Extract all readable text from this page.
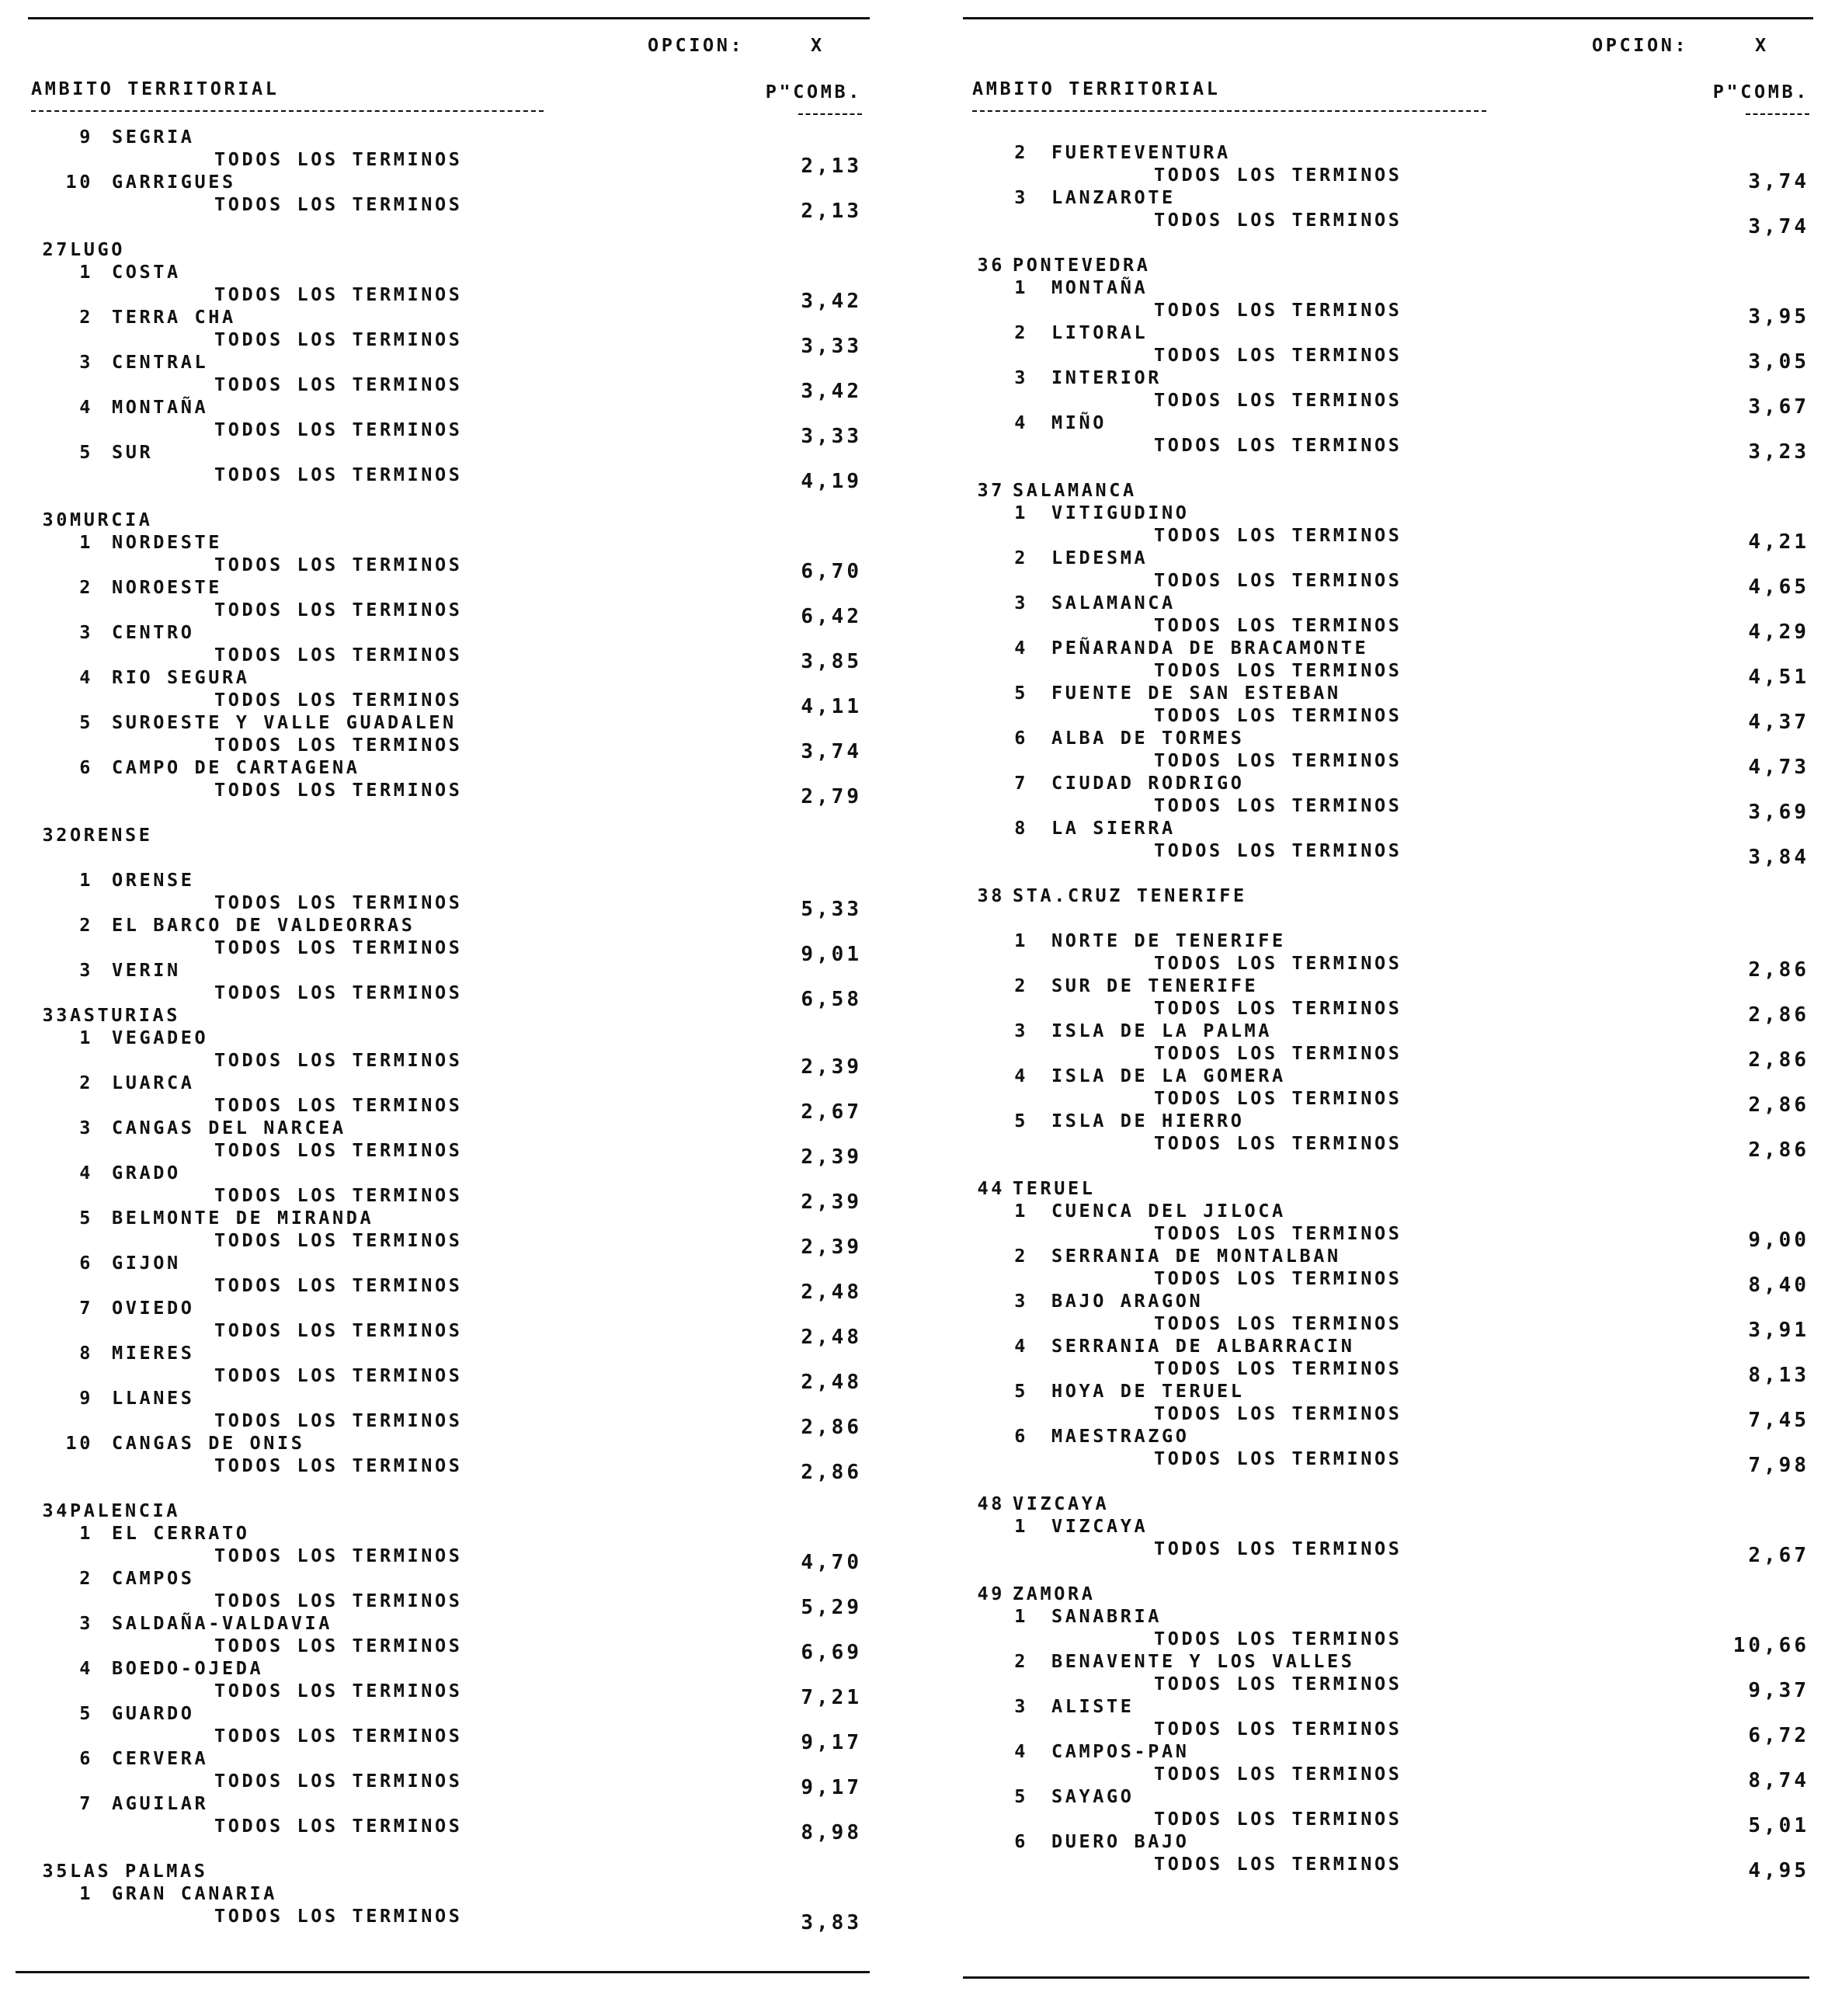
OPCION:	X
AMBITO TERRITORIAL	P"COMB.
9 SEGRIA
TODOS LOS TERMINOS	2,13
10 GARRIGUES
TODOS LOS TERMINOS	2,13
27 LUGO
1 COSTA
TODOS LOS TERMINOS	3,42
2 TERRA CHA
TODOS LOS TERMINOS	3,33
3 CENTRAL
TODOS LOS TERMINOS	3,42
4 MONTAÑA
TODOS LOS TERMINOS	3,33
5 SUR
TODOS LOS TERMINOS	4,19
30 MURCIA
1 NORDESTE
TODOS LOS TERMINOS	6,70
2 NOROESTE
TODOS LOS TERMINOS	6,42
3 CENTRO
TODOS LOS TERMINOS	3,85
4 RIO SEGURA
TODOS LOS TERMINOS	4,11
5 SUROESTE Y VALLE GUADALEN
TODOS LOS TERMINOS	3,74
6 CAMPO DE CARTAGENA
TODOS LOS TERMINOS	2,79
32 ORENSE
1 ORENSE
TODOS LOS TERMINOS	5,33
2 EL BARCO DE VALDEORRAS
TODOS LOS TERMINOS	9,01
3 VERIN
TODOS LOS TERMINOS	6,58
33 ASTURIAS
1 VEGADEO
TODOS LOS TERMINOS	2,39
2 LUARCA
TODOS LOS TERMINOS	2,67
3 CANGAS DEL NARCEA
TODOS LOS TERMINOS	2,39
4 GRADO
TODOS LOS TERMINOS	2,39
5 BELMONTE DE MIRANDA
TODOS LOS TERMINOS	2,39
6 GIJON
TODOS LOS TERMINOS	2,48
7 OVIEDO
TODOS LOS TERMINOS	2,48
8 MIERES
TODOS LOS TERMINOS	2,48
9 LLANES
TODOS LOS TERMINOS	2,86
10 CANGAS DE ONIS
TODOS LOS TERMINOS	2,86
34 PALENCIA
1 EL CERRATO
TODOS LOS TERMINOS	4,70
2 CAMPOS
TODOS LOS TERMINOS	5,29
3 SALDAÑA-VALDAVIA
TODOS LOS TERMINOS	6,69
4 BOEDO-OJEDA
TODOS LOS TERMINOS	7,21
5 GUARDO
TODOS LOS TERMINOS	9,17
6 CERVERA
TODOS LOS TERMINOS	9,17
7 AGUILAR
TODOS LOS TERMINOS	8,98
35 LAS PALMAS
1 GRAN CANARIA
TODOS LOS TERMINOS	3,83
OPCION:	X
AMBITO TERRITORIAL	P"COMB.
2 FUERTEVENTURA
TODOS LOS TERMINOS	3,74
3 LANZAROTE
TODOS LOS TERMINOS	3,74
36 PONTEVEDRA
1 MONTAÑA
TODOS LOS TERMINOS	3,95
2 LITORAL
TODOS LOS TERMINOS	3,05
3 INTERIOR
TODOS LOS TERMINOS	3,67
4 MIÑO
TODOS LOS TERMINOS	3,23
37 SALAMANCA
1 VITIGUDINO
TODOS LOS TERMINOS	4,21
2 LEDESMA
TODOS LOS TERMINOS	4,65
3 SALAMANCA
TODOS LOS TERMINOS	4,29
4 PEÑARANDA DE BRACAMONTE
TODOS LOS TERMINOS	4,51
5 FUENTE DE SAN ESTEBAN
TODOS LOS TERMINOS	4,37
6 ALBA DE TORMES
TODOS LOS TERMINOS	4,73
7 CIUDAD RODRIGO
TODOS LOS TERMINOS	3,69
8 LA SIERRA
TODOS LOS TERMINOS	3,84
38 STA.CRUZ TENERIFE
1 NORTE DE TENERIFE
TODOS LOS TERMINOS	2,86
2 SUR DE TENERIFE
TODOS LOS TERMINOS	2,86
3 ISLA DE LA PALMA
TODOS LOS TERMINOS	2,86
4 ISLA DE LA GOMERA
TODOS LOS TERMINOS	2,86
5 ISLA DE HIERRO
TODOS LOS TERMINOS	2,86
44 TERUEL
1 CUENCA DEL JILOCA
TODOS LOS TERMINOS	9,00
2 SERRANIA DE MONTALBAN
TODOS LOS TERMINOS	8,40
3 BAJO ARAGON
TODOS LOS TERMINOS	3,91
4 SERRANIA DE ALBARRACIN
TODOS LOS TERMINOS	8,13
5 HOYA DE TERUEL
TODOS LOS TERMINOS	7,45
6 MAESTRAZGO
TODOS LOS TERMINOS	7,98
48 VIZCAYA
1 VIZCAYA
TODOS LOS TERMINOS	2,67
49 ZAMORA
1 SANABRIA
TODOS LOS TERMINOS	10,66
2 BENAVENTE Y LOS VALLES
TODOS LOS TERMINOS	9,37
3 ALISTE
TODOS LOS TERMINOS	6,72
4 CAMPOS-PAN
TODOS LOS TERMINOS	8,74
5 SAYAGO
TODOS LOS TERMINOS	5,01
6 DUERO BAJO
TODOS LOS TERMINOS	4,95
